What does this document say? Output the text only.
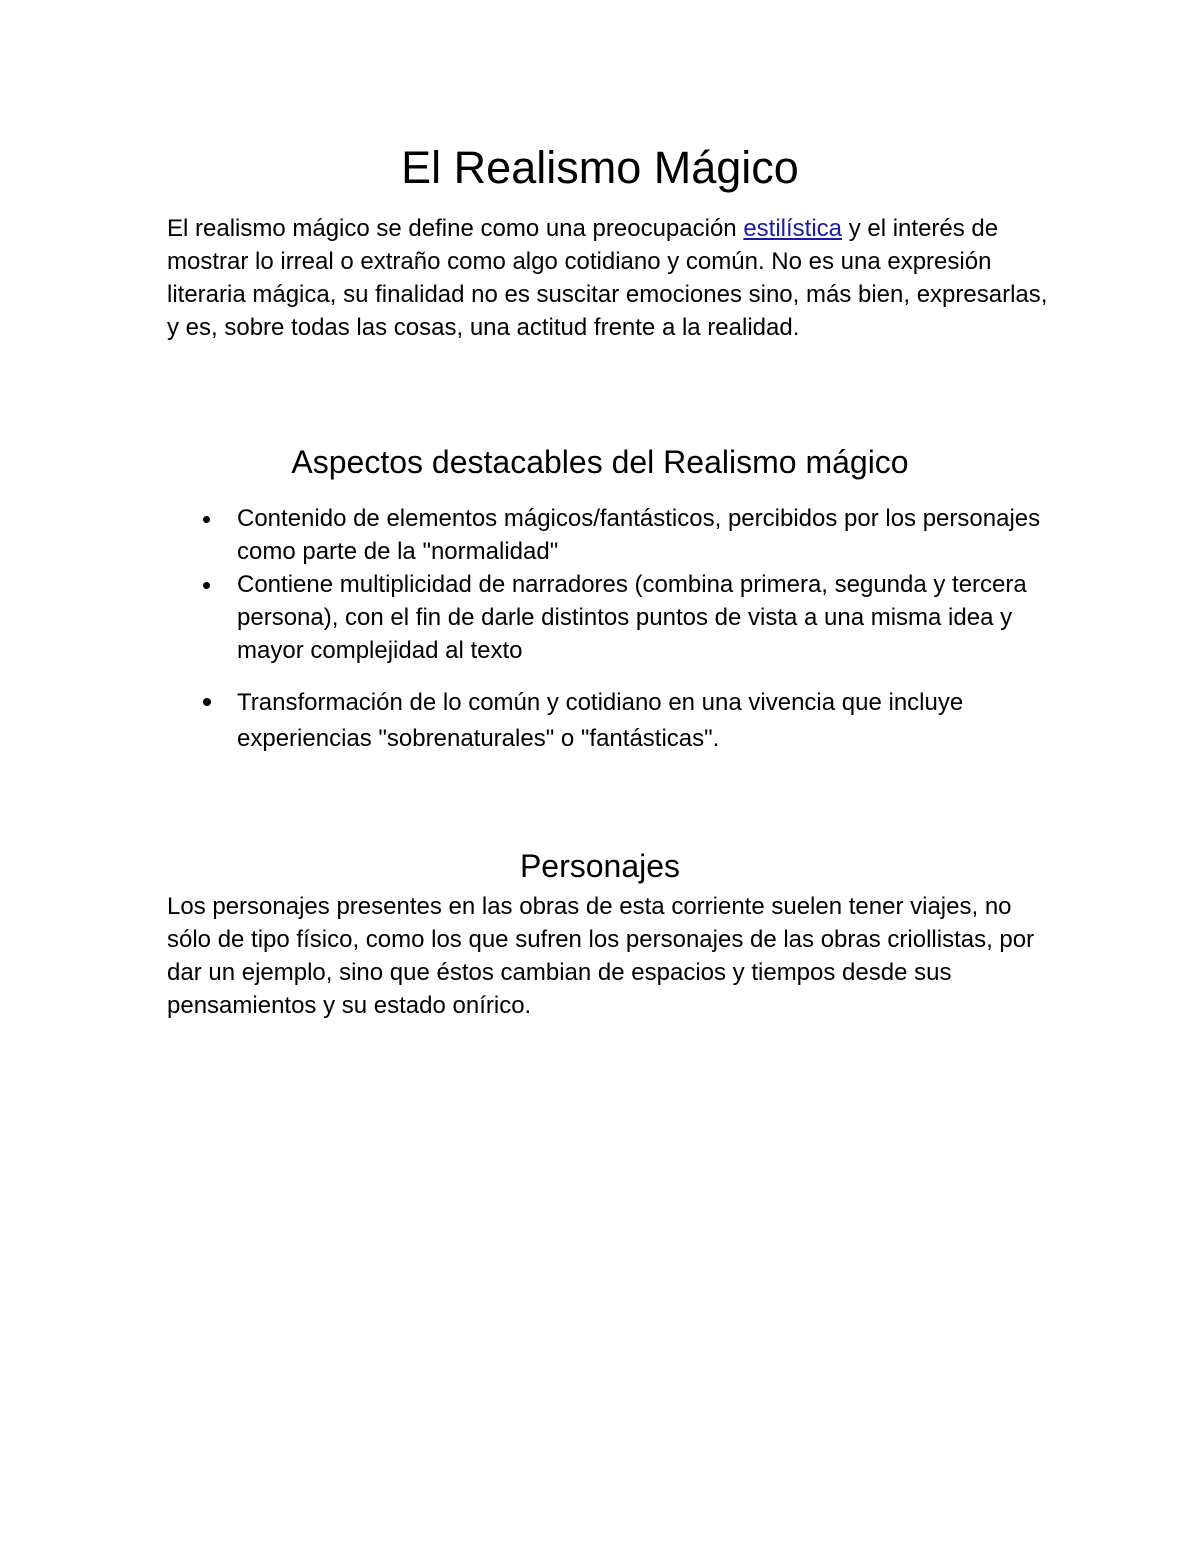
El Realismo Mágico

El realismo mágico se define como una preocupación estilística y el interés de mostrar lo irreal o extraño como algo cotidiano y común. No es una expresión literaria mágica, su finalidad no es suscitar emociones sino, más bien, expresarlas, y es, sobre todas las cosas, una actitud frente a la realidad.

Aspectos destacables del Realismo mágico
Contenido de elementos mágicos/fantásticos, percibidos por los personajes como parte de la "normalidad"
Contiene multiplicidad de narradores (combina primera, segunda y tercera persona), con el fin de darle distintos puntos de vista a una misma idea y mayor complejidad al texto
Transformación de lo común y cotidiano en una vivencia que incluye experiencias "sobrenaturales" o "fantásticas".
Personajes

Los personajes presentes en las obras de esta corriente suelen tener viajes, no sólo de tipo físico, como los que sufren los personajes de las obras criollistas, por dar un ejemplo, sino que éstos cambian de espacios y tiempos desde sus pensamientos y su estado onírico.
